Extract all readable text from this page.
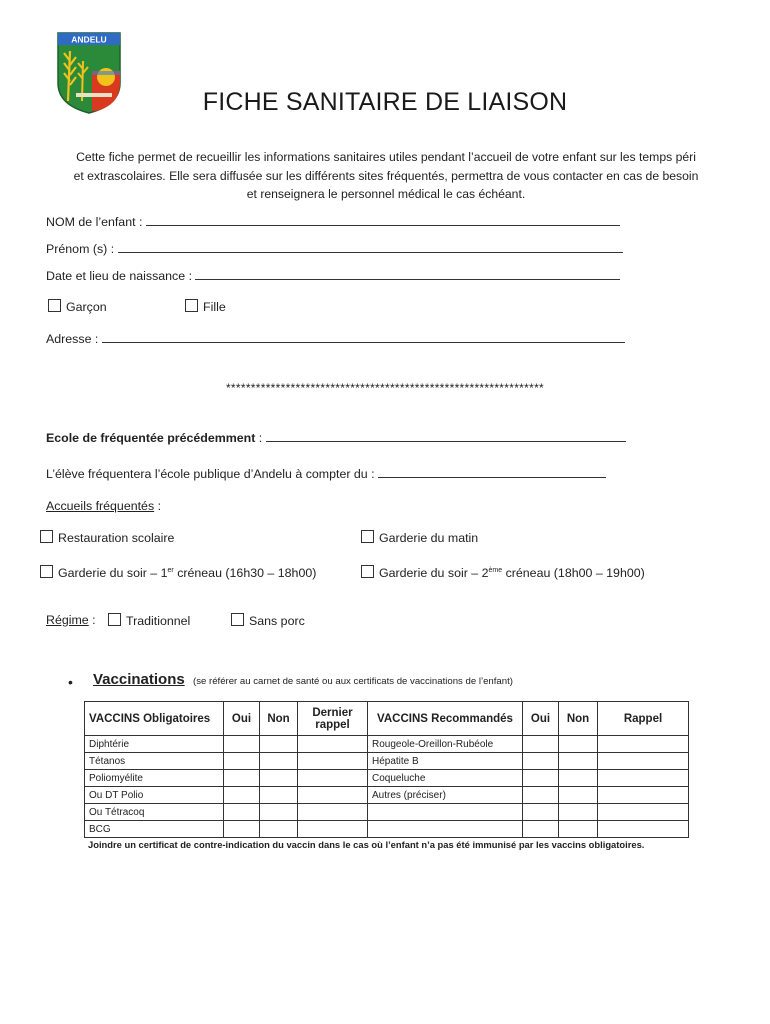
ANDELU
FICHE SANITAIRE DE LIAISON
Cette fiche permet de recueillir les informations sanitaires utiles pendant l’accueil de votre enfant sur les temps péri
et extrascolaires. Elle sera diffusée sur les différents sites fréquentés, permettra de vous contacter en cas de besoin
et renseignera le personnel médical le cas échéant.
NOM de l’enfant :
Prénom (s) :
Date et lieu de naissance :
Garçon	Fille
Adresse :
****************************************************************
Ecole de fréquentée précédemment :
L’élève fréquentera l’école publique d’Andelu à compter du :
Accueils fréquentés :
Restauration scolaire	Garderie du matin
Garderie du soir – 1er créneau (16h30 – 18h00)	Garderie du soir – 2ème créneau (18h00 – 19h00)
Régime :	Traditionnel	Sans porc
• Vaccinations (se référer au carnet de santé ou aux certificats de vaccinations de l’enfant)
VACCINS Obligatoires	Oui	Non	Dernier rappel	VACCINS Recommandés	Oui	Non	Rappel
Diphtérie				Rougeole-Oreillon-Rubéole			
Tétanos				Hépatite B			
Poliomyélite				Coqueluche			
Ou DT Polio				Autres (préciser)			
Ou Tétracoq							
BCG							
Joindre un certificat de contre-indication du vaccin dans le cas où l’enfant n’a pas été immunisé par les vaccins obligatoires.
